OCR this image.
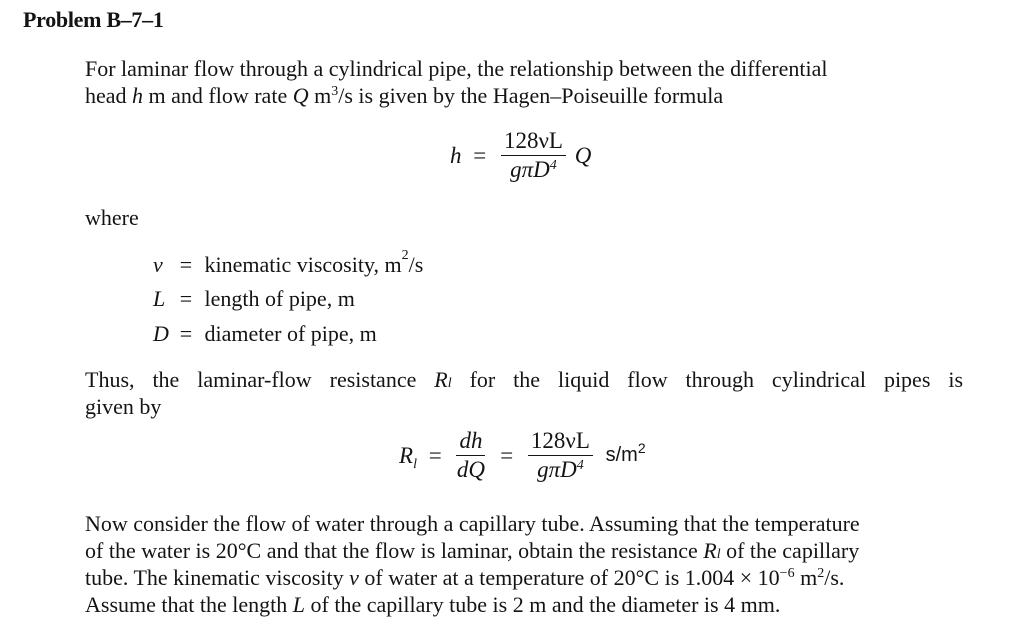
Problem B–7–1
For laminar flow through a cylindrical pipe, the relationship between the differential
head h m and flow rate Q $m^3/s$ is given by the Hagen–Poiseuille formula
$h = \frac{128\nu L}{g\pi D^4}$ Q
where
ν = kinematic viscosity, $m^2/s$
L = length of pipe, m
D = diameter of pipe, m
Thus, the laminar-flow resistance $R_l$ for the liquid flow through cylindrical pipes is
given by
$R_l = \frac{dh}{dQ} = \frac{128\nu L}{g\pi D^4} s/m^2$
Now consider the flow of water through a capillary tube. Assuming that the temperature
of the water is 20°C and that the flow is laminar, obtain the resistance $R_l$ of the capillary
tube. The kinematic viscosity ν of water at a temperature of 20°C is $1.004 \times 10^{-6}$ $m^2/s$.
Assume that the length L of the capillary tube is 2 m and the diameter is 4 mm.
